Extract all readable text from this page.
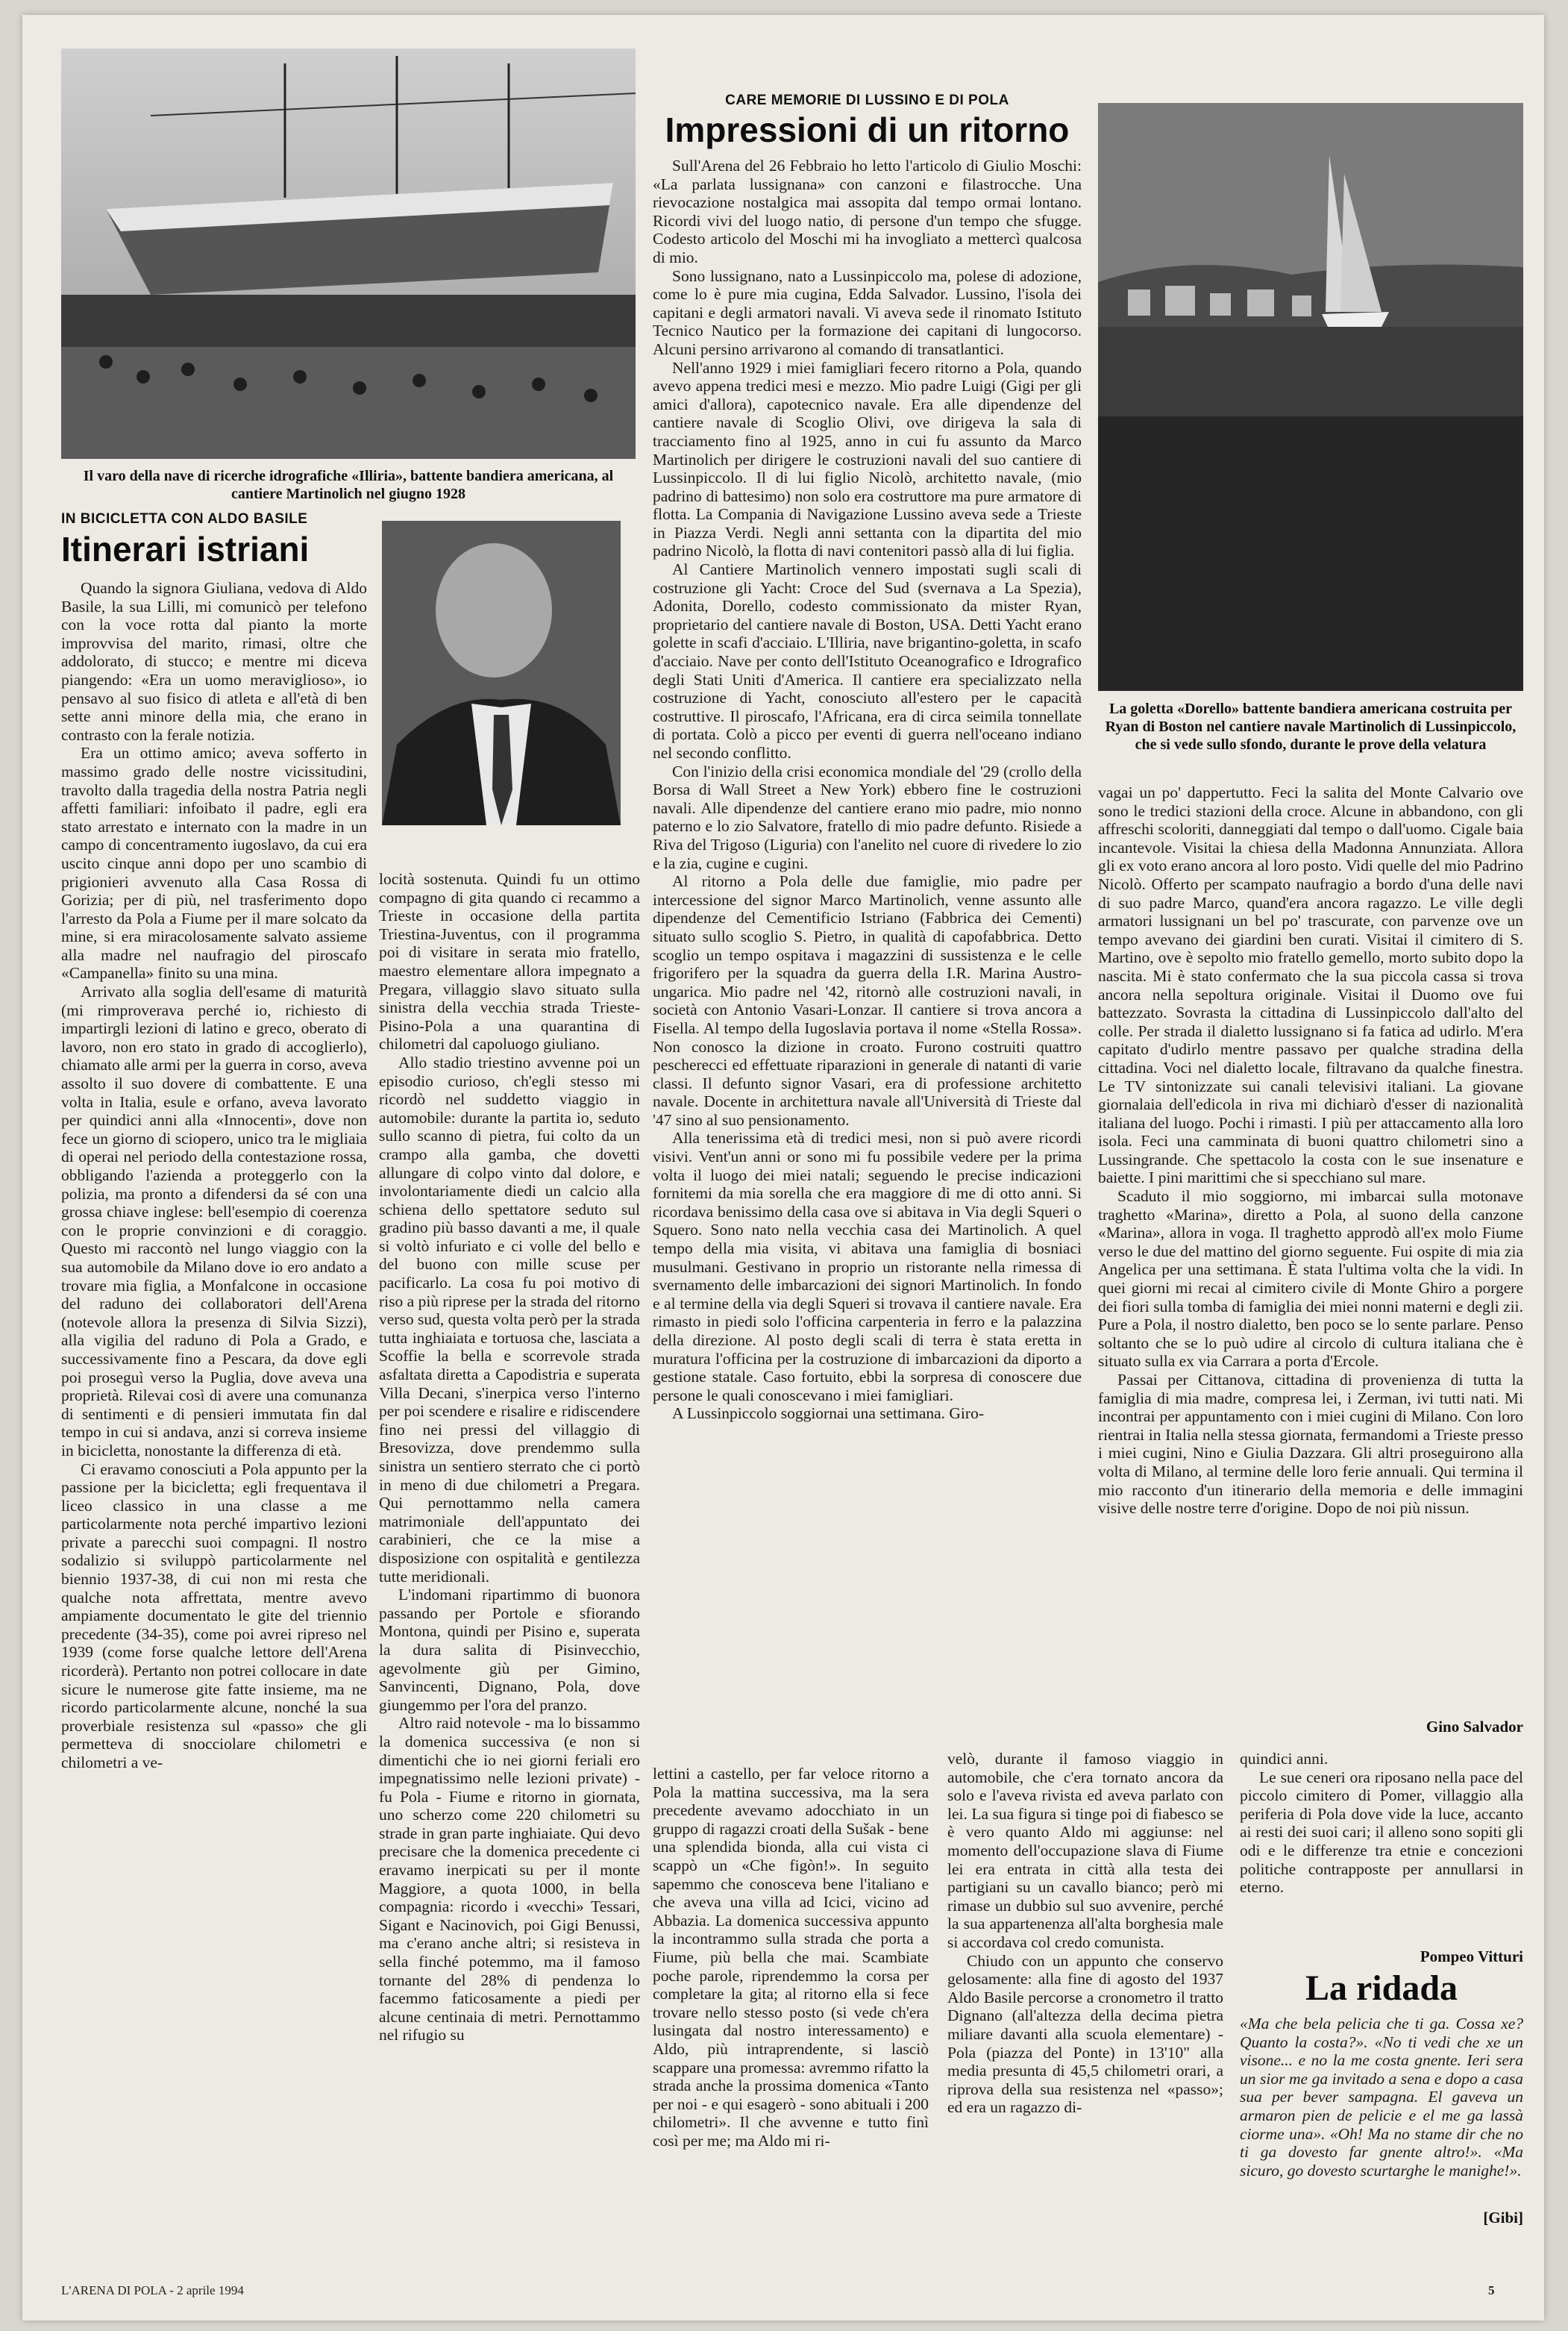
Il varo della nave di ricerche idrografiche «Illiria», battente bandiera americana, al cantiere Martinolich nel giugno 1928
CARE MEMORIE DI LUSSINO E DI POLA
Impressioni di un ritorno

Sull'Arena del 26 Febbraio ho letto l'articolo di Giulio Moschi: «La parlata lussignana» con canzoni e filastrocche. Una rievocazione nostalgica mai assopita dal tempo ormai lontano. Ricordi vivi del luogo natio, di persone d'un tempo che sfugge. Codesto articolo del Moschi mi ha invogliato a mettercì qualcosa di mio.

Sono lussignano, nato a Lussinpiccolo ma, polese di adozione, come lo è pure mia cugina, Edda Salvador. Lussino, l'isola dei capitani e degli armatori navali. Vi aveva sede il rinomato Istituto Tecnico Nautico per la formazione dei capitani di lungocorso. Alcuni persino arrivarono al comando di transatlantici.

Nell'anno 1929 i miei famigliari fecero ritorno a Pola, quando avevo appena tredici mesi e mezzo. Mio padre Luigi (Gigi per gli amici d'allora), capotecnico navale. Era alle dipendenze del cantiere navale di Scoglio Olivi, ove dirigeva la sala di tracciamento fino al 1925, anno in cui fu assunto da Marco Martinolich per dirigere le costruzioni navali del suo cantiere di Lussinpiccolo. Il di lui figlio Nicolò, architetto navale, (mio padrino di battesimo) non solo era costruttore ma pure armatore di flotta. La Compania di Navigazione Lussino aveva sede a Trieste in Piazza Verdi. Negli anni settanta con la dipartita del mio padrino Nicolò, la flotta di navi contenitori passò alla di lui figlia.

Al Cantiere Martinolich vennero impostati sugli scali di costruzione gli Yacht: Croce del Sud (svernava a La Spezia), Adonita, Dorello, codesto commissionato da mister Ryan, proprietario del cantiere navale di Boston, USA. Detti Yacht erano golette in scafi d'acciaio. L'Illiria, nave brigantino-goletta, in scafo d'acciaio. Nave per conto dell'Istituto Oceanografico e Idrografico degli Stati Uniti d'America. Il cantiere era specializzato nella costruzione di Yacht, conosciuto all'estero per le capacità costruttive. Il piroscafo, l'Africana, era di circa seimila tonnellate di portata. Colò a picco per eventi di guerra nell'oceano indiano nel secondo conflitto.

Con l'inizio della crisi economica mondiale del '29 (crollo della Borsa di Wall Street a New York) ebbero fine le costruzioni navali. Alle dipendenze del cantiere erano mio padre, mio nonno paterno e lo zio Salvatore, fratello di mio padre defunto. Risiede a Riva del Trigoso (Liguria) con l'anelito nel cuore di rivedere lo zio e la zia, cugine e cugini.

Al ritorno a Pola delle due famiglie, mio padre per intercessione del signor Marco Martinolich, venne assunto alle dipendenze del Cementificio Istriano (Fabbrica dei Cementi) situato sullo scoglio S. Pietro, in qualità di capofabbrica. Detto scoglio un tempo ospitava i magazzini di sussistenza e le celle frigorifero per la squadra da guerra della I.R. Marina Austro-ungarica. Mio padre nel '42, ritornò alle costruzioni navali, in società con Antonio Vasari-Lonzar. Il cantiere si trova ancora a Fisella. Al tempo della Iugoslavia portava il nome «Stella Rossa». Non conosco la dizione in croato. Furono costruiti quattro pescherecci ed effettuate riparazioni in generale di natanti di varie classi. Il defunto signor Vasari, era di professione architetto navale. Docente in architettura navale all'Università di Trieste dal '47 sino al suo pensionamento.

Alla tenerissima età di tredici mesi, non si può avere ricordi visivi. Vent'un anni or sono mi fu possibile vedere per la prima volta il luogo dei miei natali; seguendo le precise indicazioni fornitemi da mia sorella che era maggiore di me di otto anni. Si ricordava benissimo della casa ove si abitava in Via degli Squeri o Squero. Sono nato nella vecchia casa dei Martinolich. A quel tempo della mia visita, vi abitava una famiglia di bosniaci musulmani. Gestivano in proprio un ristorante nella rimessa di svernamento delle imbarcazioni dei signori Martinolich. In fondo e al termine della via degli Squeri si trovava il cantiere navale. Era rimasto in piedi solo l'officina carpenteria in ferro e la palazzina della direzione. Al posto degli scali di terra è stata eretta in muratura l'officina per la costruzione di imbarcazioni da diporto a gestione statale. Caso fortuito, ebbi la sorpresa di conoscere due persone le quali conoscevano i miei famigliari.

A Lussinpiccolo soggiornai una settimana. Giro-

La goletta «Dorello» battente bandiera americana costruita per Ryan di Boston nel cantiere navale Martinolich di Lussinpiccolo, che si vede sullo sfondo, durante le prove della velatura

vagai un po' dappertutto. Feci la salita del Monte Calvario ove sono le tredici stazioni della croce. Alcune in abbandono, con gli affreschi scoloriti, danneggiati dal tempo o dall'uomo. Cigale baia incantevole. Visitai la chiesa della Madonna Annunziata. Allora gli ex voto erano ancora al loro posto. Vidi quelle del mio Padrino Nicolò. Offerto per scampato naufragio a bordo d'una delle navi di suo padre Marco, quand'era ancora ragazzo. Le ville degli armatori lussignani un bel po' trascurate, con parvenze ove un tempo avevano dei giardini ben curati. Visitai il cimitero di S. Martino, ove è sepolto mio fratello gemello, morto subito dopo la nascita. Mi è stato confermato che la sua piccola cassa si trova ancora nella sepoltura originale. Visitai il Duomo ove fui battezzato. Sovrasta la cittadina di Lussinpiccolo dall'alto del colle. Per strada il dialetto lussignano si fa fatica ad udirlo. M'era capitato d'udirlo mentre passavo per qualche stradina della cittadina. Voci nel dialetto locale, filtravano da qualche finestra. Le TV sintonizzate sui canali televisivi italiani. La giovane giornalaia dell'edicola in riva mi dichiarò d'esser di nazionalità italiana del luogo. Pochi i rimasti. I più per attaccamento alla loro isola. Feci una camminata di buoni quattro chilometri sino a Lussingrande. Che spettacolo la costa con le sue insenature e baiette. I pini marittimi che si specchiano sul mare.

Scaduto il mio soggiorno, mi imbarcai sulla motonave traghetto «Marina», diretto a Pola, al suono della canzone «Marina», allora in voga. Il traghetto approdò all'ex molo Fiume verso le due del mattino del giorno seguente. Fui ospite di mia zia Angelica per una settimana. È stata l'ultima volta che la vidi. In quei giorni mi recai al cimitero civile di Monte Ghiro a porgere dei fiori sulla tomba di famiglia dei miei nonni materni e degli zii. Pure a Pola, il nostro dialetto, ben poco se lo sente parlare. Penso soltanto che se lo può udire al circolo di cultura italiana che è situato sulla ex via Carrara a porta d'Ercole.

Passai per Cittanova, cittadina di provenienza di tutta la famiglia di mia madre, compresa lei, i Zerman, ivi tutti nati. Mi incontrai per appuntamento con i miei cugini di Milano. Con loro rientrai in Italia nella stessa giornata, fermandomi a Trieste presso i miei cugini, Nino e Giulia Dazzara. Gli altri proseguirono alla volta di Milano, al termine delle loro ferie annuali. Qui termina il mio racconto d'un itinerario della memoria e delle immagini visive delle nostre terre d'origine. Dopo de noi più nissun.

Gino Salvador
IN BICICLETTA CON ALDO BASILE
Itinerari istriani

Quando la signora Giuliana, vedova di Aldo Basile, la sua Lilli, mi comunicò per telefono con la voce rotta dal pianto la morte improvvisa del marito, rimasi, oltre che addolorato, di stucco; e mentre mi diceva piangendo: «Era un uomo meraviglioso», io pensavo al suo fisico di atleta e all'età di ben sette anni minore della mia, che erano in contrasto con la ferale notizia.

Era un ottimo amico; aveva sofferto in massimo grado delle nostre vicissitudini, travolto dalla tragedia della nostra Patria negli affetti familiari: infoibato il padre, egli era stato arrestato e internato con la madre in un campo di concentramento iugoslavo, da cui era uscito cinque anni dopo per uno scambio di prigionieri avvenuto alla Casa Rossa di Gorizia; per di più, nel trasferimento dopo l'arresto da Pola a Fiume per il mare solcato da mine, si era miracolosamente salvato assieme alla madre nel naufragio del piroscafo «Campanella» finito su una mina.

Arrivato alla soglia dell'esame di maturità (mi rimproverava perché io, richiesto di impartirgli lezioni di latino e greco, oberato di lavoro, non ero stato in grado di accoglierlo), chiamato alle armi per la guerra in corso, aveva assolto il suo dovere di combattente. E una volta in Italia, esule e orfano, aveva lavorato per quindici anni alla «Innocenti», dove non fece un giorno di sciopero, unico tra le migliaia di operai nel periodo della contestazione rossa, obbligando l'azienda a proteggerlo con la polizia, ma pronto a difendersi da sé con una grossa chiave inglese: bell'esempio di coerenza con le proprie convinzioni e di coraggio. Questo mi raccontò nel lungo viaggio con la sua automobile da Milano dove io ero andato a trovare mia figlia, a Monfalcone in occasione del raduno dei collaboratori dell'Arena (notevole allora la presenza di Silvia Sizzi), alla vigilia del raduno di Pola a Grado, e successivamente fino a Pescara, da dove egli poi proseguì verso la Puglia, dove aveva una proprietà. Rilevai così di avere una comunanza di sentimenti e di pensieri immutata fin dal tempo in cui si andava, anzi si correva insieme in bicicletta, nonostante la differenza di età.

Ci eravamo conosciuti a Pola appunto per la passione per la bicicletta; egli frequentava il liceo classico in una classe a me particolarmente nota perché impartivo lezioni private a parecchi suoi compagni. Il nostro sodalizio si sviluppò particolarmente nel biennio 1937-38, di cui non mi resta che qualche nota affrettata, mentre avevo ampiamente documentato le gite del triennio precedente (34-35), come poi avrei ripreso nel 1939 (come forse qualche lettore dell'Arena ricorderà). Pertanto non potrei collocare in date sicure le numerose gite fatte insieme, ma ne ricordo particolarmente alcune, nonché la sua proverbiale resistenza sul «passo» che gli permetteva di snocciolare chilometri e chilometri a ve-

locità sostenuta. Quindi fu un ottimo compagno di gita quando ci recammo a Trieste in occasione della partita Triestina-Juventus, con il programma poi di visitare in serata mio fratello, maestro elementare allora impegnato a Pregara, villaggio slavo situato sulla sinistra della vecchia strada Trieste-Pisino-Pola a una quarantina di chilometri dal capoluogo giuliano.

Allo stadio triestino avvenne poi un episodio curioso, ch'egli stesso mi ricordò nel suddetto viaggio in automobile: durante la partita io, seduto sullo scanno di pietra, fui colto da un crampo alla gamba, che dovetti allungare di colpo vinto dal dolore, e involontariamente diedi un calcio alla schiena dello spettatore seduto sul gradino più basso davanti a me, il quale si voltò infuriato e ci volle del bello e del buono con mille scuse per pacificarlo. La cosa fu poi motivo di riso a più riprese per la strada del ritorno verso sud, questa volta però per la strada tutta inghiaiata e tortuosa che, lasciata a Scoffie la bella e scorrevole strada asfaltata diretta a Capodistria e superata Villa Decani, s'inerpica verso l'interno per poi scendere e risalire e ridiscendere fino nei pressi del villaggio di Bresovizza, dove prendemmo sulla sinistra un sentiero sterrato che ci portò in meno di due chilometri a Pregara. Qui pernottammo nella camera matrimoniale dell'appuntato dei carabinieri, che ce la mise a disposizione con ospitalità e gentilezza tutte meridionali.

L'indomani ripartimmo di buonora passando per Portole e sfiorando Montona, quindi per Pisino e, superata la dura salita di Pisinvecchio, agevolmente giù per Gimino, Sanvincenti, Dignano, Pola, dove giungemmo per l'ora del pranzo.

Altro raid notevole - ma lo bissammo la domenica successiva (e non si dimentichi che io nei giorni feriali ero impegnatissimo nelle lezioni private) - fu Pola - Fiume e ritorno in giornata, uno scherzo come 220 chilometri su strade in gran parte inghiaiate. Qui devo precisare che la domenica precedente ci eravamo inerpicati su per il monte Maggiore, a quota 1000, in bella compagnia: ricordo i «vecchi» Tessari, Sigant e Nacinovich, poi Gigi Benussi, ma c'erano anche altri; si resisteva in sella finché potemmo, ma il famoso tornante del 28% di pendenza lo facemmo faticosamente a piedi per alcune centinaia di metri. Pernottammo nel rifugio su

lettini a castello, per far veloce ritorno a Pola la mattina successiva, ma la sera precedente avevamo adocchiato in un gruppo di ragazzi croati della Sušak - bene una splendida bionda, alla cui vista ci scappò un «Che figòn!». In seguito sapemmo che conosceva bene l'italiano e che aveva una villa ad Icici, vicino ad Abbazia. La domenica successiva appunto la incontrammo sulla strada che porta a Fiume, più bella che mai. Scambiate poche parole, riprendemmo la corsa per completare la gita; al ritorno ella si fece trovare nello stesso posto (si vede ch'era lusingata dal nostro interessamento) e Aldo, più intraprendente, si lasciò scappare una promessa: avremmo rifatto la strada anche la prossima domenica «Tanto per noi - e qui esagerò - sono abituali i 200 chilometri». Il che avvenne e tutto finì così per me; ma Aldo mi ri-

velò, durante il famoso viaggio in automobile, che c'era tornato ancora da solo e l'aveva rivista ed aveva parlato con lei. La sua figura si tinge poi di fiabesco se è vero quanto Aldo mi aggiunse: nel momento dell'occupazione slava di Fiume lei era entrata in città alla testa dei partigiani su un cavallo bianco; però mi rimase un dubbio sul suo avvenire, perché la sua appartenenza all'alta borghesia male si accordava col credo comunista.

Chiudo con un appunto che conservo gelosamente: alla fine di agosto del 1937 Aldo Basile percorse a cronometro il tratto Dignano (all'altezza della decima pietra miliare davanti alla scuola elementare) - Pola (piazza del Ponte) in 13'10" alla media presunta di 45,5 chilometri orari, a riprova della sua resistenza nel «passo»; ed era un ragazzo di-

quindici anni.

Le sue ceneri ora riposano nella pace del piccolo cimitero di Pomer, villaggio alla periferia di Pola dove vide la luce, accanto ai resti dei suoi cari; il alleno sono sopiti gli odi e le differenze tra etnie e concezioni politiche contrapposte per annullarsi in eterno.

Pompeo Vitturi
La ridada
«Ma che bela pelicia che ti ga. Cossa xe? Quanto la costa?». «No ti vedi che xe un visone... e no la me costa gnente. Ieri sera un sior me ga invitado a sena e dopo a casa sua per bever sampagna. El gaveva un armaron pien de pelicie e el me ga lassà ciorme una». «Oh! Ma no stame dir che no ti ga dovesto far gnente altro!». «Ma sicuro, go dovesto scurtarghe le manighe!».
[Gibi]
L'ARENA DI POLA - 2 aprile 1994	5
